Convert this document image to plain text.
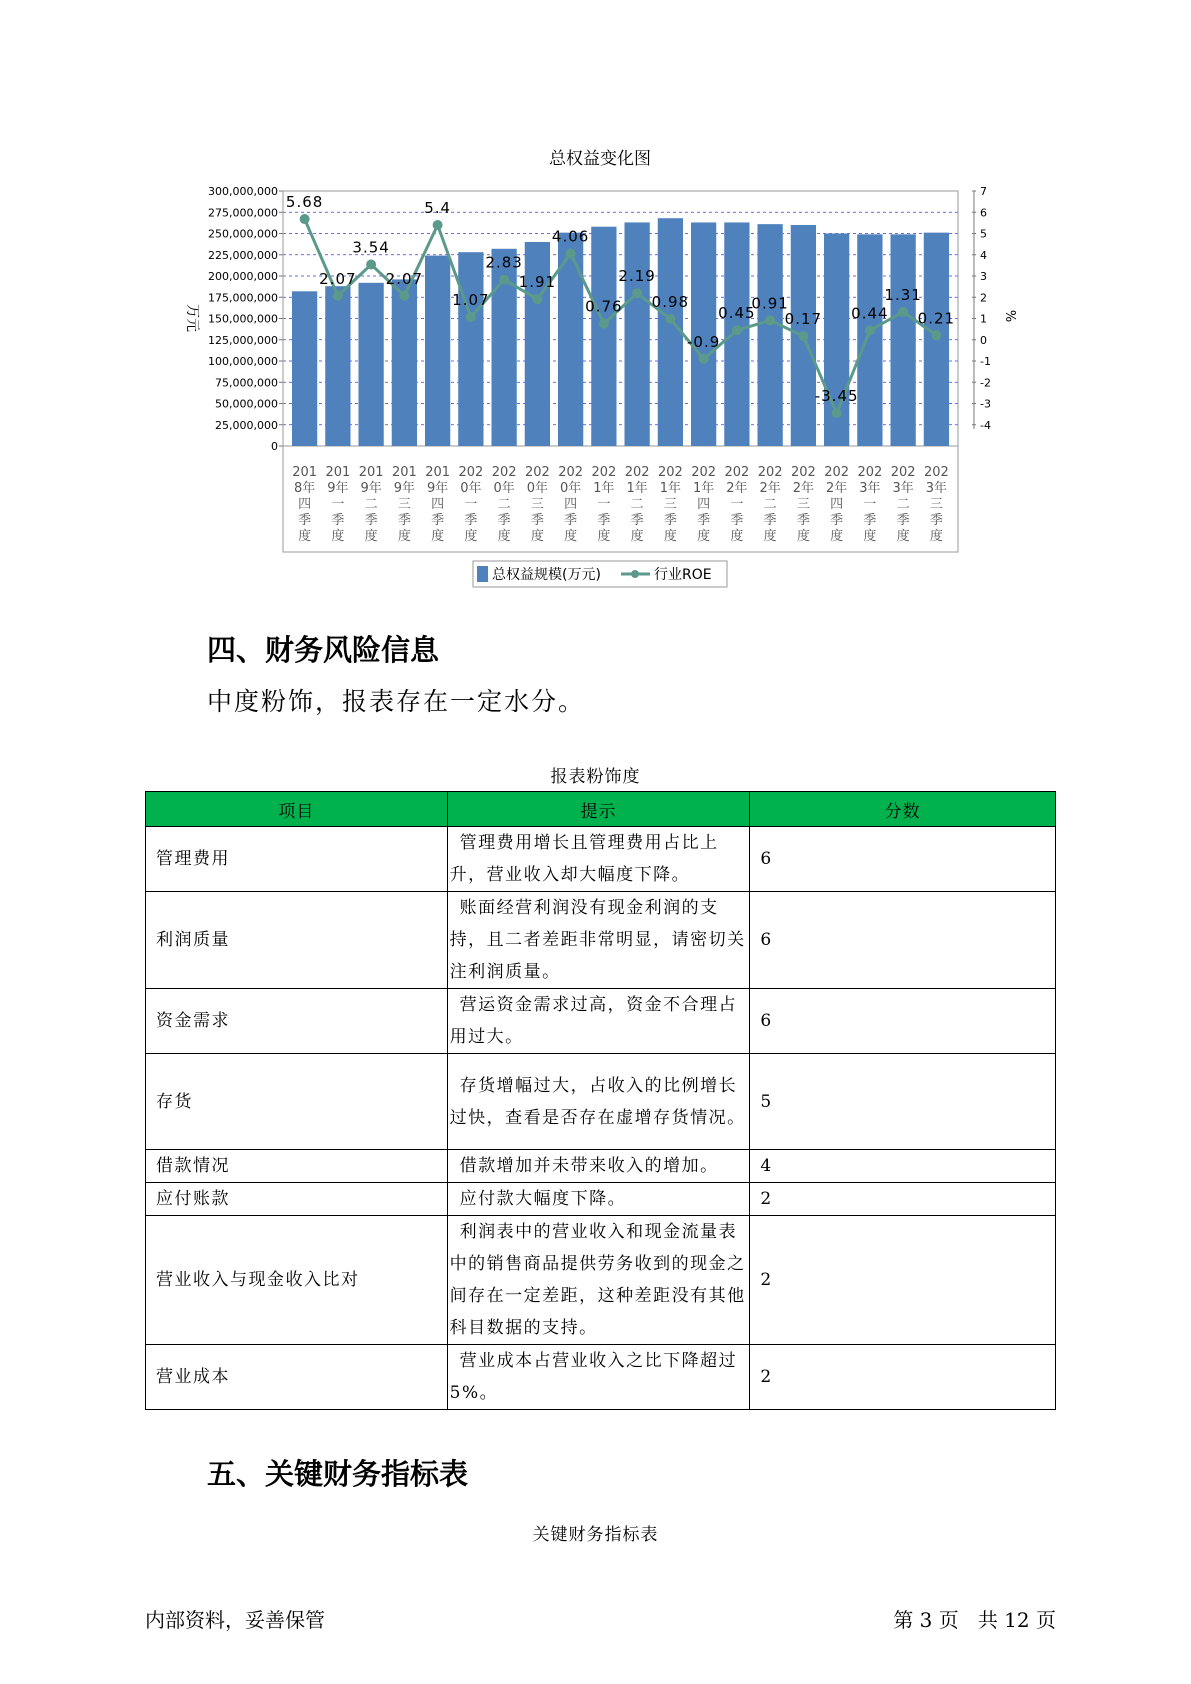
总权益变化图
0
25,000,000
50,000,000
75,000,000
100,000,000
125,000,000
150,000,000
175,000,000
200,000,000
225,000,000
250,000,000
275,000,000
300,000,000
-4
-3
-2
-1
0
1
2
3
4
5
6
7
万元	%
5.68
2.07
3.54
2.07
5.4
1.07
2.83
1.91
4.06
0.76
2.19
0.98
-0.9
0.45
0.91
0.17
-3.45
0.44
1.31
0.21
201
8年
四
季
度
201
9年
一
季
度
201
9年
二
季
度
201
9年
三
季
度
201
9年
四
季
度
202
0年
一
季
度
202
0年
二
季
度
202
0年
三
季
度
202
0年
四
季
度
202
1年
一
季
度
202
1年
二
季
度
202
1年
三
季
度
202
1年
四
季
度
202
2年
一
季
度
202
2年
二
季
度
202
2年
三
季
度
202
2年
四
季
度
202
3年
一
季
度
202
3年
二
季
度
202
3年
三
季
度
总权益规模(万元)	行业ROE
四、财务风险信息

中度粉饰，报表存在一定水分。

报表粉饰度
项目	提示	分数
管理费用	管理费用增长且管理费用占比上升，营业收入却大幅度下降。	6
利润质量	账面经营利润没有现金利润的支持，且二者差距非常明显，请密切关注利润质量。	6
资金需求	营运资金需求过高，资金不合理占用过大。	6
存货	存货增幅过大，占收入的比例增长过快，查看是否存在虚增存货情况。	5
借款情况	借款增加并未带来收入的增加。	4
应付账款	应付款大幅度下降。	2
营业收入与现金收入比对	利润表中的营业收入和现金流量表中的销售商品提供劳务收到的现金之间存在一定差距，这种差距没有其他科目数据的支持。	2
营业成本	营业成本占营业收入之比下降超过5%。	2
五、关键财务指标表
关键财务指标表
内部资料，妥善保管	第 3 页   共 12 页
